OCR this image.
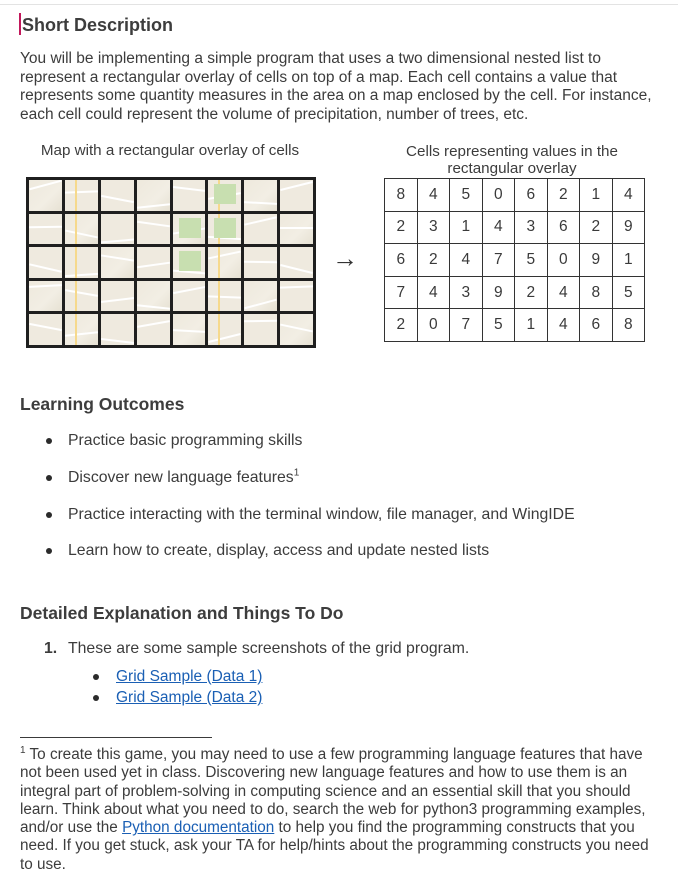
Short Description

You will be implementing a simple program that uses a two dimensional nested list to represent a rectangular overlay of cells on top of a map. Each cell contains a value that represents some quantity measures in the area on a map enclosed by the cell. For instance, each cell could represent the volume of precipitation, number of trees, etc.

Map with a rectangular overlay of cells	Cells representing values in the rectangular overlay
→
8	4	5	0	6	2	1	4
2	3	1	4	3	6	2	9
6	2	4	7	5	0	9	1
7	4	3	9	2	4	8	5
2	0	7	5	1	4	6	8
Learning Outcomes
Practice basic programming skills
Discover new language features$^1$
Practice interacting with the terminal window, file manager, and WingIDE
Learn how to create, display, access and update nested lists
Detailed Explanation and Things To Do
1. These are some sample screenshots of the grid program.
Grid Sample (Data 1)
Grid Sample (Data 2)

$^1$ To create this game, you may need to use a few programming language features that have not been used yet in class. Discovering new language features and how to use them is an integral part of problem-solving in computing science and an essential skill that you should learn. Think about what you need to do, search the web for python3 programming examples, and/or use the Python documentation to help you find the programming constructs that you need. If you get stuck, ask your TA for help/hints about the programming constructs you need to use.
